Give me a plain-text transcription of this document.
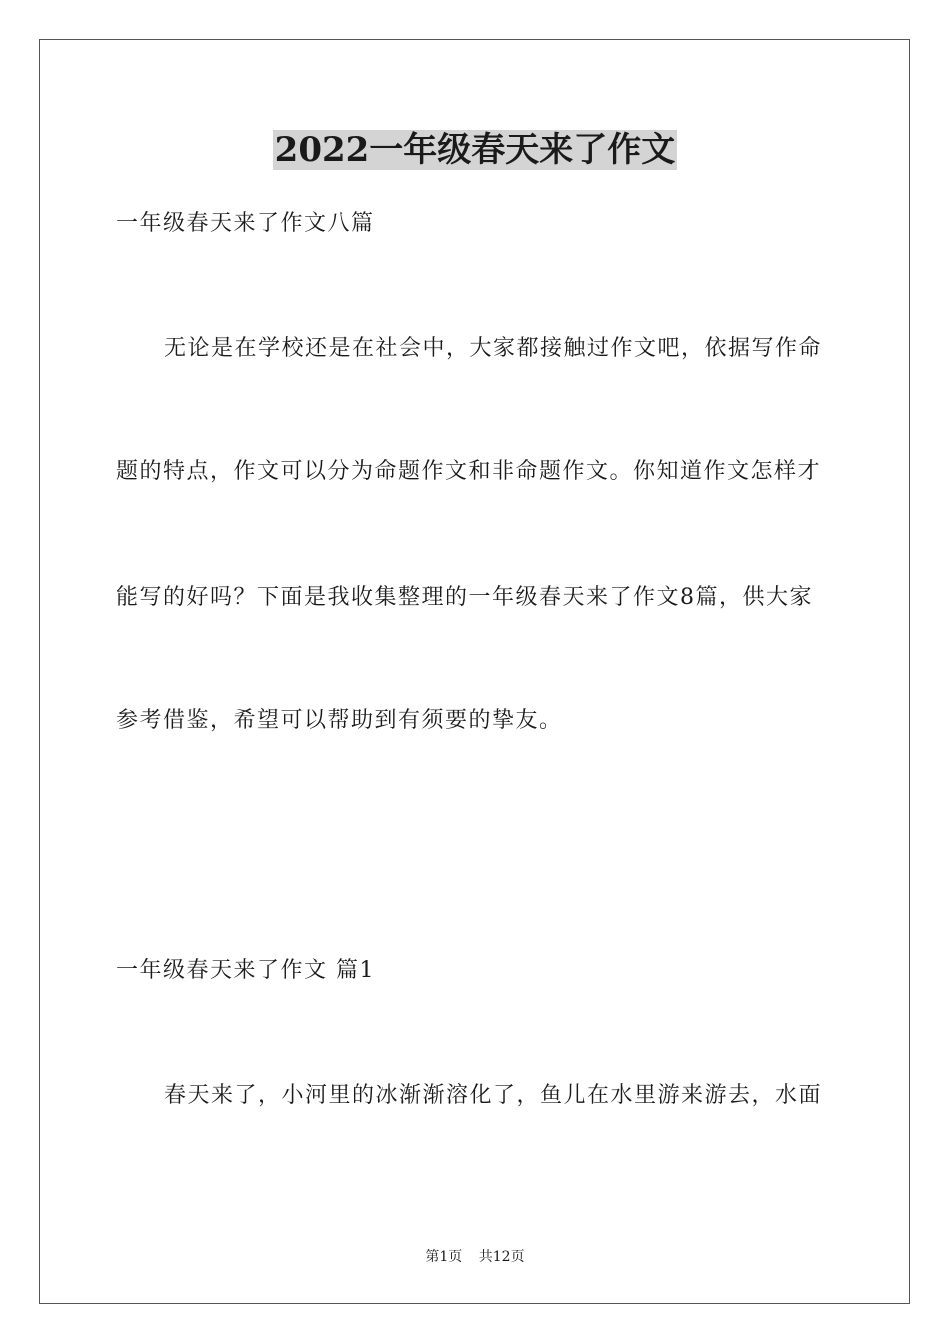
2022一年级春天来了作文
一年级春天来了作文八篇
无论是在学校还是在社会中，大家都接触过作文吧，依据写作命
题的特点，作文可以分为命题作文和非命题作文。你知道作文怎样才
能写的好吗？下面是我收集整理的一年级春天来了作文8篇，供大家
参考借鉴，希望可以帮助到有须要的挚友。
一年级春天来了作文 篇1
春天来了，小河里的冰渐渐溶化了，鱼儿在水里游来游去，水面
第1页 共12页
